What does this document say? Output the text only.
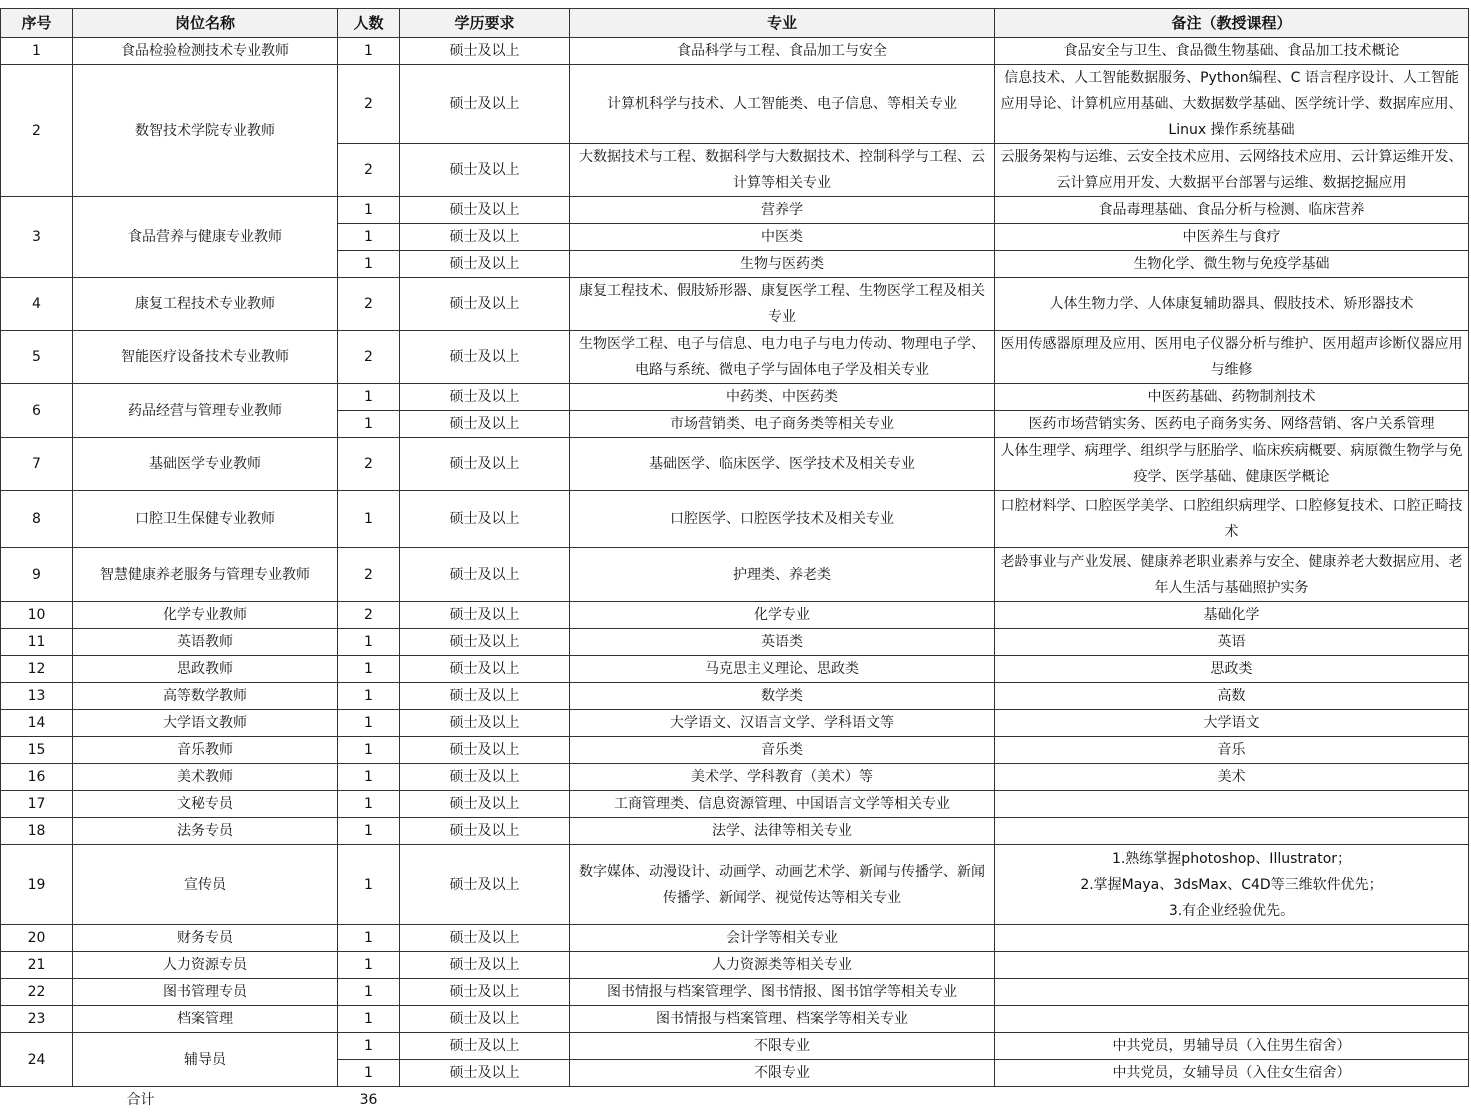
序号	岗位名称	人数	学历要求	专业	备注（教授课程）
1	食品检验检测技术专业教师	1	硕士及以上	食品科学与工程、食品加工与安全	食品安全与卫生、食品微生物基础、食品加工技术概论
2	数智技术学院专业教师	2	硕士及以上	计算机科学与技术、人工智能类、电子信息、等相关专业	信息技术、人工智能数据服务、Python编程、C 语言程序设计、人工智能应用导论、计算机应用基础、大数据数学基础、医学统计学、数据库应用、Linux 操作系统基础
		2	硕士及以上	大数据技术与工程、数据科学与大数据技术、控制科学与工程、云计算等相关专业	云服务架构与运维、云安全技术应用、云网络技术应用、云计算运维开发、云计算应用开发、大数据平台部署与运维、数据挖掘应用
3	食品营养与健康专业教师	1	硕士及以上	营养学	食品毒理基础、食品分析与检测、临床营养
		1	硕士及以上	中医类	中医养生与食疗
		1	硕士及以上	生物与医药类	生物化学、微生物与免疫学基础
4	康复工程技术专业教师	2	硕士及以上	康复工程技术、假肢矫形器、康复医学工程、生物医学工程及相关专业	人体生物力学、人体康复辅助器具、假肢技术、矫形器技术
5	智能医疗设备技术专业教师	2	硕士及以上	生物医学工程、电子与信息、电力电子与电力传动、物理电子学、电路与系统、微电子学与固体电子学及相关专业	医用传感器原理及应用、医用电子仪器分析与维护、医用超声诊断仪器应用与维修
6	药品经营与管理专业教师	1	硕士及以上	中药类、中医药类	中医药基础、药物制剂技术
		1	硕士及以上	市场营销类、电子商务类等相关专业	医药市场营销实务、医药电子商务实务、网络营销、客户关系管理
7	基础医学专业教师	2	硕士及以上	基础医学、临床医学、医学技术及相关专业	人体生理学、病理学、组织学与胚胎学、临床疾病概要、病原微生物学与免疫学、医学基础、健康医学概论
8	口腔卫生保健专业教师	1	硕士及以上	口腔医学、口腔医学技术及相关专业	口腔材料学、口腔医学美学、口腔组织病理学、口腔修复技术、口腔正畸技术
9	智慧健康养老服务与管理专业教师	2	硕士及以上	护理类、养老类	老龄事业与产业发展、健康养老职业素养与安全、健康养老大数据应用、老年人生活与基础照护实务
10	化学专业教师	2	硕士及以上	化学专业	基础化学
11	英语教师	1	硕士及以上	英语类	英语
12	思政教师	1	硕士及以上	马克思主义理论、思政类	思政类
13	高等数学教师	1	硕士及以上	数学类	高数
14	大学语文教师	1	硕士及以上	大学语文、汉语言文学、学科语文等	大学语文
15	音乐教师	1	硕士及以上	音乐类	音乐
16	美术教师	1	硕士及以上	美术学、学科教育（美术）等	美术
17	文秘专员	1	硕士及以上	工商管理类、信息资源管理、中国语言文学等相关专业	
18	法务专员	1	硕士及以上	法学、法律等相关专业	
19	宣传员	1	硕士及以上	数字媒体、动漫设计、动画学、动画艺术学、新闻与传播学、新闻传播学、新闻学、视觉传达等相关专业	1.熟练掌握photoshop、Illustrator；
2.掌握Maya、3dsMax、C4D等三维软件优先；
3.有企业经验优先。
20	财务专员	1	硕士及以上	会计学等相关专业	
21	人力资源专员	1	硕士及以上	人力资源类等相关专业	
22	图书管理专员	1	硕士及以上	图书情报与档案管理学、图书情报、图书馆学等相关专业	
23	档案管理	1	硕士及以上	图书情报与档案管理、档案学等相关专业	
24	辅导员	1	硕士及以上	不限专业	中共党员，男辅导员（入住男生宿舍）
		1	硕士及以上	不限专业	中共党员，女辅导员（入住女生宿舍）
合计		36			
